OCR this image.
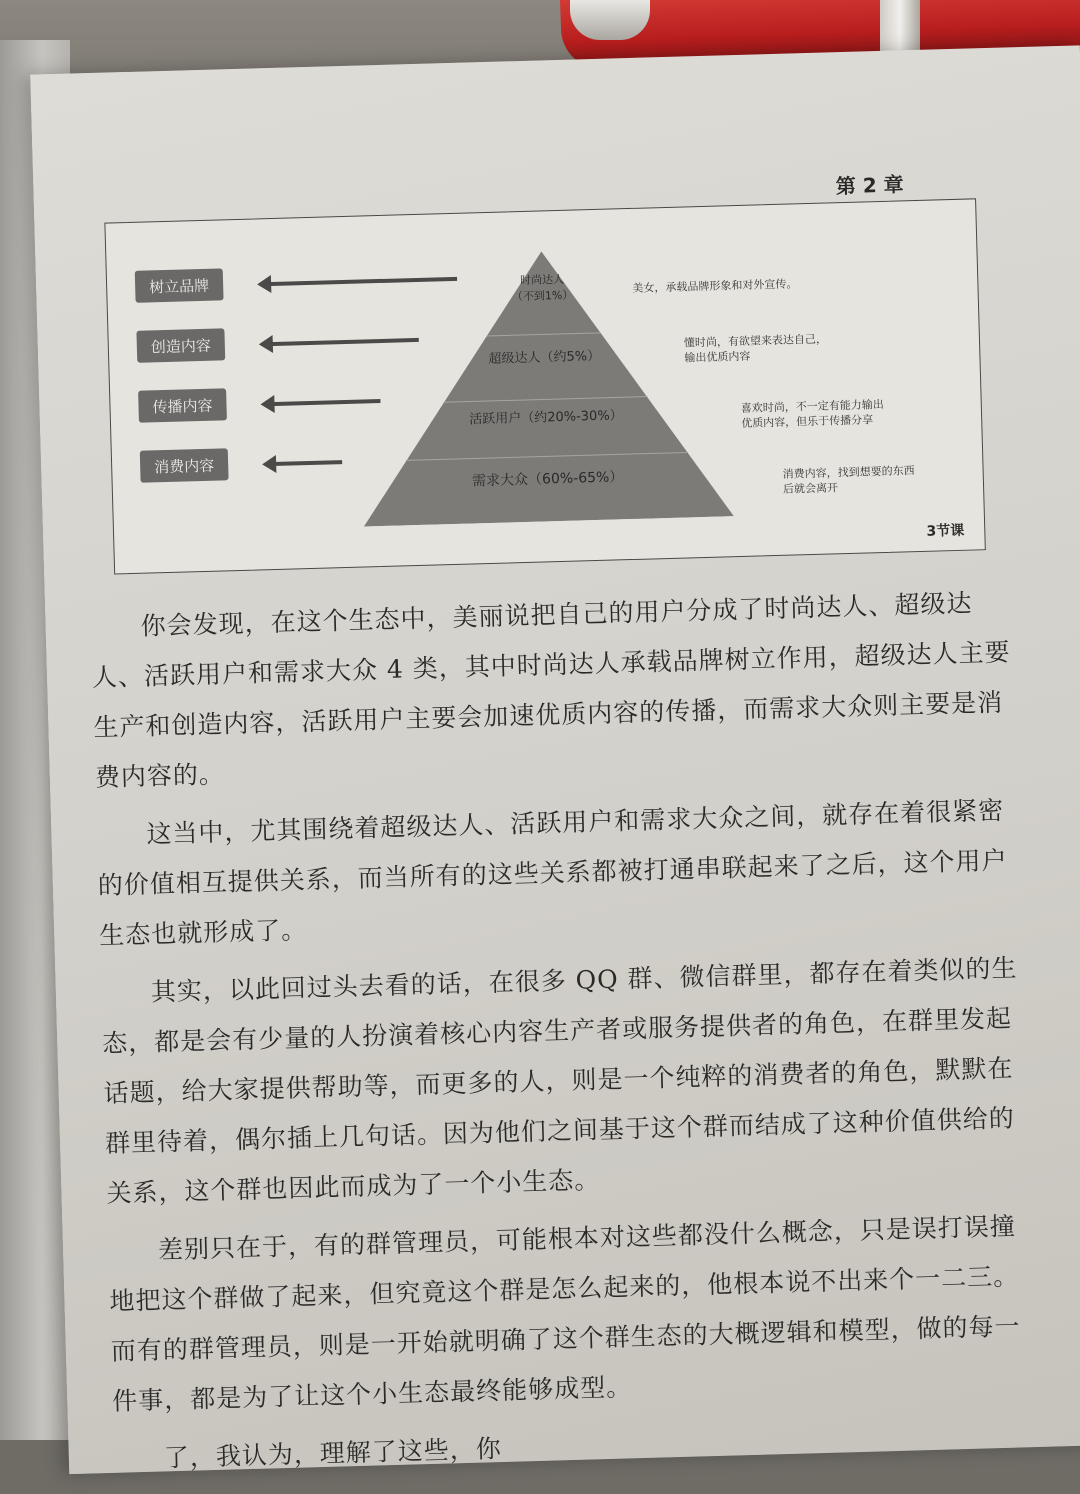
第 2 章
树立品牌
创造内容
传播内容
消费内容
时尚达人
（不到1%）
超级达人（约5%）
活跃用户（约20%-30%）
需求大众（60%-65%）
美女，承载品牌形象和对外宣传。
懂时尚，有欲望来表达自己，输出优质内容
喜欢时尚，不一定有能力输出优质内容，但乐于传播分享
消费内容，找到想要的东西后就会离开
3节课

你会发现，在这个生态中，美丽说把自己的用户分成了时尚达人、超级达人、活跃用户和需求大众 4 类，其中时尚达人承载品牌树立作用，超级达人主要生产和创造内容，活跃用户主要会加速优质内容的传播，而需求大众则主要是消费内容的。

这当中，尤其围绕着超级达人、活跃用户和需求大众之间，就存在着很紧密的价值相互提供关系，而当所有的这些关系都被打通串联起来了之后，这个用户生态也就形成了。

其实，以此回过头去看的话，在很多 QQ 群、微信群里，都存在着类似的生态，都是会有少量的人扮演着核心内容生产者或服务提供者的角色，在群里发起话题，给大家提供帮助等，而更多的人，则是一个纯粹的消费者的角色，默默在群里待着，偶尔插上几句话。因为他们之间基于这个群而结成了这种价值供给的关系，这个群也因此而成为了一个小生态。

差别只在于，有的群管理员，可能根本对这些都没什么概念，只是误打误撞地把这个群做了起来，但究竟这个群是怎么起来的，他根本说不出来个一二三。而有的群管理员，则是一开始就明确了这个群生态的大概逻辑和模型，做的每一件事，都是为了让这个小生态最终能够成型。

了，我认为，理解了这些，你
